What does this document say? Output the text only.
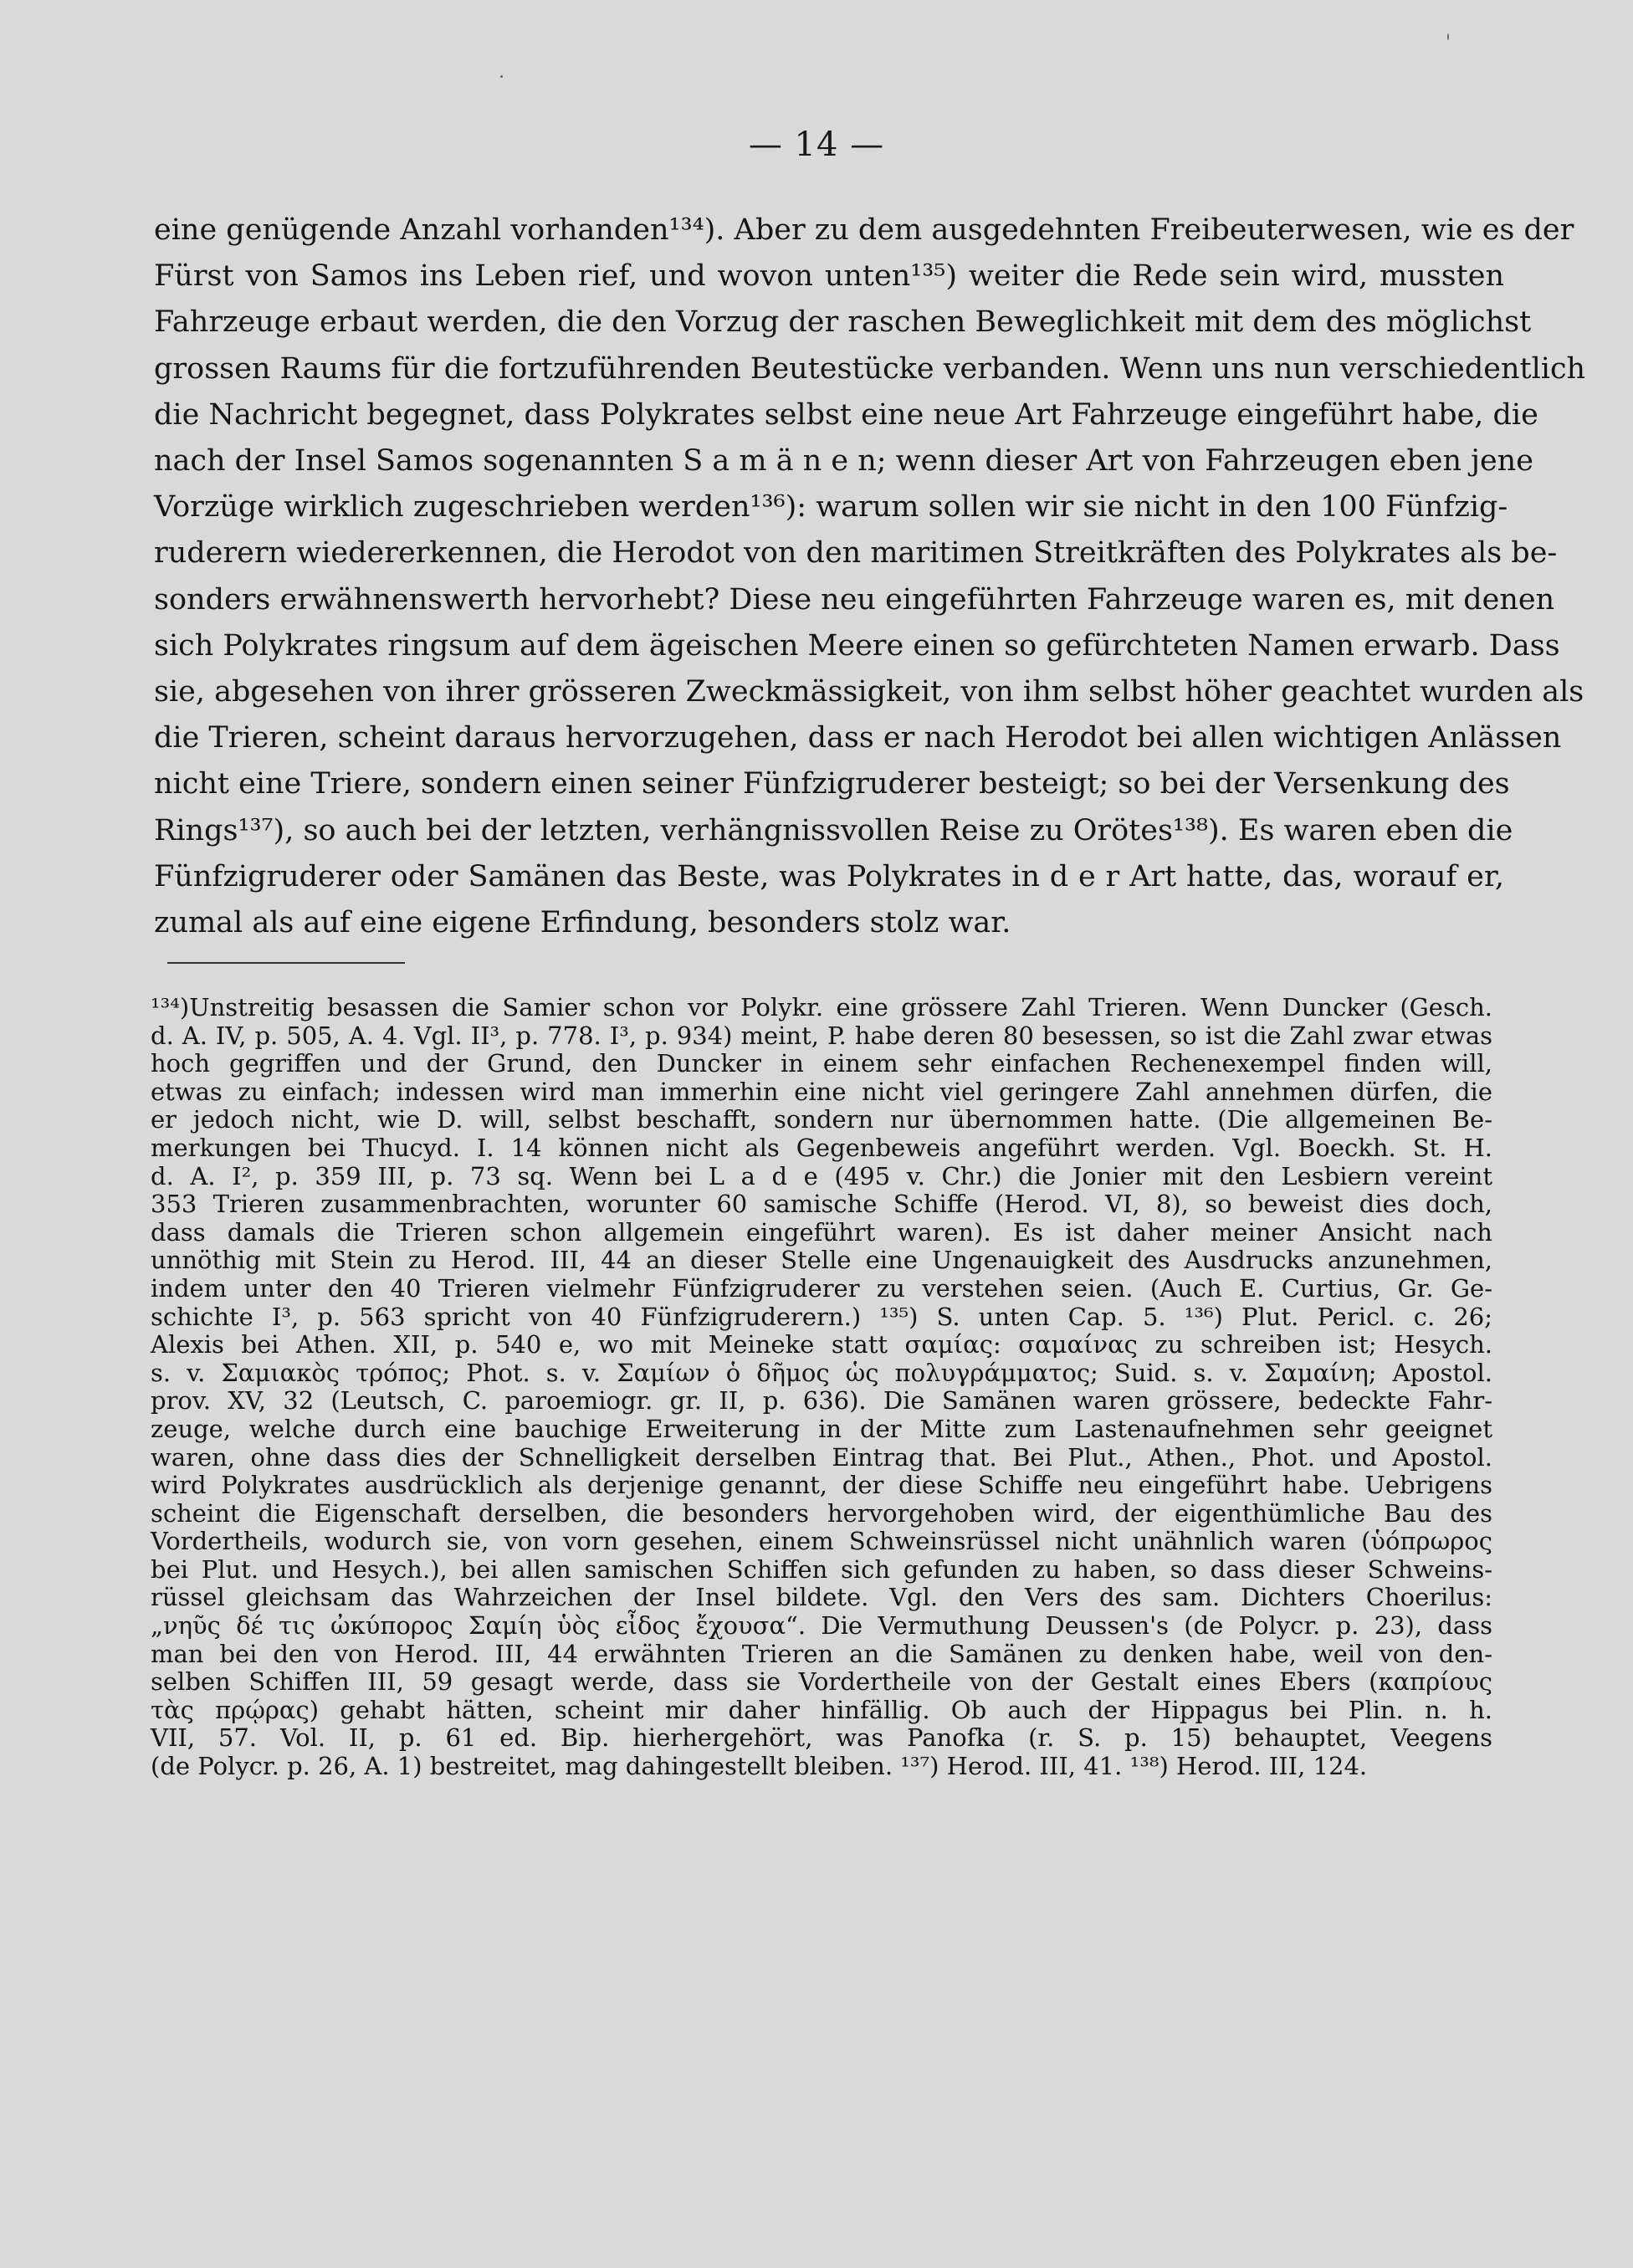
— 14 —
eine genügende Anzahl vorhanden¹³⁴). Aber zu dem ausgedehnten Freibeuterwesen, wie es der
Fürst von Samos ins Leben rief, und wovon unten¹³⁵) weiter die Rede sein wird, mussten
Fahrzeuge erbaut werden, die den Vorzug der raschen Beweglichkeit mit dem des möglichst
grossen Raums für die fortzuführenden Beutestücke verbanden. Wenn uns nun verschiedentlich
die Nachricht begegnet, dass Polykrates selbst eine neue Art Fahrzeuge eingeführt habe, die
nach der Insel Samos sogenannten S a m ä n e n; wenn dieser Art von Fahrzeugen eben jene
Vorzüge wirklich zugeschrieben werden¹³⁶): warum sollen wir sie nicht in den 100 Fünfzig-
ruderern wiedererkennen, die Herodot von den maritimen Streitkräften des Polykrates als be-
sonders erwähnenswerth hervorhebt? Diese neu eingeführten Fahrzeuge waren es, mit denen
sich Polykrates ringsum auf dem ägeischen Meere einen so gefürchteten Namen erwarb. Dass
sie, abgesehen von ihrer grösseren Zweckmässigkeit, von ihm selbst höher geachtet wurden als
die Trieren, scheint daraus hervorzugehen, dass er nach Herodot bei allen wichtigen Anlässen
nicht eine Triere, sondern einen seiner Fünfzigruderer besteigt; so bei der Versenkung des
Rings¹³⁷), so auch bei der letzten, verhängnissvollen Reise zu Orötes¹³⁸). Es waren eben die
Fünfzigruderer oder Samänen das Beste, was Polykrates in d e r Art hatte, das, worauf er,
zumal als auf eine eigene Erfindung, besonders stolz war.
¹³⁴)Unstreitig besassen die Samier schon vor Polykr. eine grössere Zahl Trieren. Wenn Duncker (Gesch.
d. A. IV, p. 505, A. 4. Vgl. II³, p. 778. I³, p. 934) meint, P. habe deren 80 besessen, so ist die Zahl zwar etwas
hoch gegriffen und der Grund, den Duncker in einem sehr einfachen Rechenexempel finden will,
etwas zu einfach; indessen wird man immerhin eine nicht viel geringere Zahl annehmen dürfen, die
er jedoch nicht, wie D. will, selbst beschafft, sondern nur übernommen hatte. (Die allgemeinen Be-
merkungen bei Thucyd. I. 14 können nicht als Gegenbeweis angeführt werden. Vgl. Boeckh. St. H.
d. A. I², p. 359 III, p. 73 sq. Wenn bei L a d e (495 v. Chr.) die Jonier mit den Lesbiern vereint
353 Trieren zusammenbrachten, worunter 60 samische Schiffe (Herod. VI, 8), so beweist dies doch,
dass damals die Trieren schon allgemein eingeführt waren). Es ist daher meiner Ansicht nach
unnöthig mit Stein zu Herod. III, 44 an dieser Stelle eine Ungenauigkeit des Ausdrucks anzunehmen,
indem unter den 40 Trieren vielmehr Fünfzigruderer zu verstehen seien. (Auch E. Curtius, Gr. Ge-
schichte I³, p. 563 spricht von 40 Fünfzigruderern.) ¹³⁵) S. unten Cap. 5. ¹³⁶) Plut. Pericl. c. 26;
Alexis bei Athen. XII, p. 540 e, wo mit Meineke statt σαμίας: σαμαίνας zu schreiben ist; Hesych.
s. v. Σαμιακὸς τρόπος; Phot. s. v. Σαμίων ὁ δῆμος ὡς πολυγράμματος; Suid. s. v. Σαμαίνη; Apostol.
prov. XV, 32 (Leutsch, C. paroemiogr. gr. II, p. 636). Die Samänen waren grössere, bedeckte Fahr-
zeuge, welche durch eine bauchige Erweiterung in der Mitte zum Lastenaufnehmen sehr geeignet
waren, ohne dass dies der Schnelligkeit derselben Eintrag that. Bei Plut., Athen., Phot. und Apostol.
wird Polykrates ausdrücklich als derjenige genannt, der diese Schiffe neu eingeführt habe. Uebrigens
scheint die Eigenschaft derselben, die besonders hervorgehoben wird, der eigenthümliche Bau des
Vordertheils, wodurch sie, von vorn gesehen, einem Schweinsrüssel nicht unähnlich waren (ὑόπρωρος
bei Plut. und Hesych.), bei allen samischen Schiffen sich gefunden zu haben, so dass dieser Schweins-
rüssel gleichsam das Wahrzeichen der Insel bildete. Vgl. den Vers des sam. Dichters Choerilus:
„νηῦς δέ τις ὠκύπορος Σαμίη ὑὸς εἶδος ἔχουσα“. Die Vermuthung Deussen's (de Polycr. p. 23), dass
man bei den von Herod. III, 44 erwähnten Trieren an die Samänen zu denken habe, weil von den-
selben Schiffen III, 59 gesagt werde, dass sie Vordertheile von der Gestalt eines Ebers (καπρίους
τὰς πρῴρας) gehabt hätten, scheint mir daher hinfällig. Ob auch der Hippagus bei Plin. n. h.
VII, 57. Vol. II, p. 61 ed. Bip. hierhergehört, was Panofka (r. S. p. 15) behauptet, Veegens
(de Polycr. p. 26, A. 1) bestreitet, mag dahingestellt bleiben. ¹³⁷) Herod. III, 41. ¹³⁸) Herod. III, 124.
